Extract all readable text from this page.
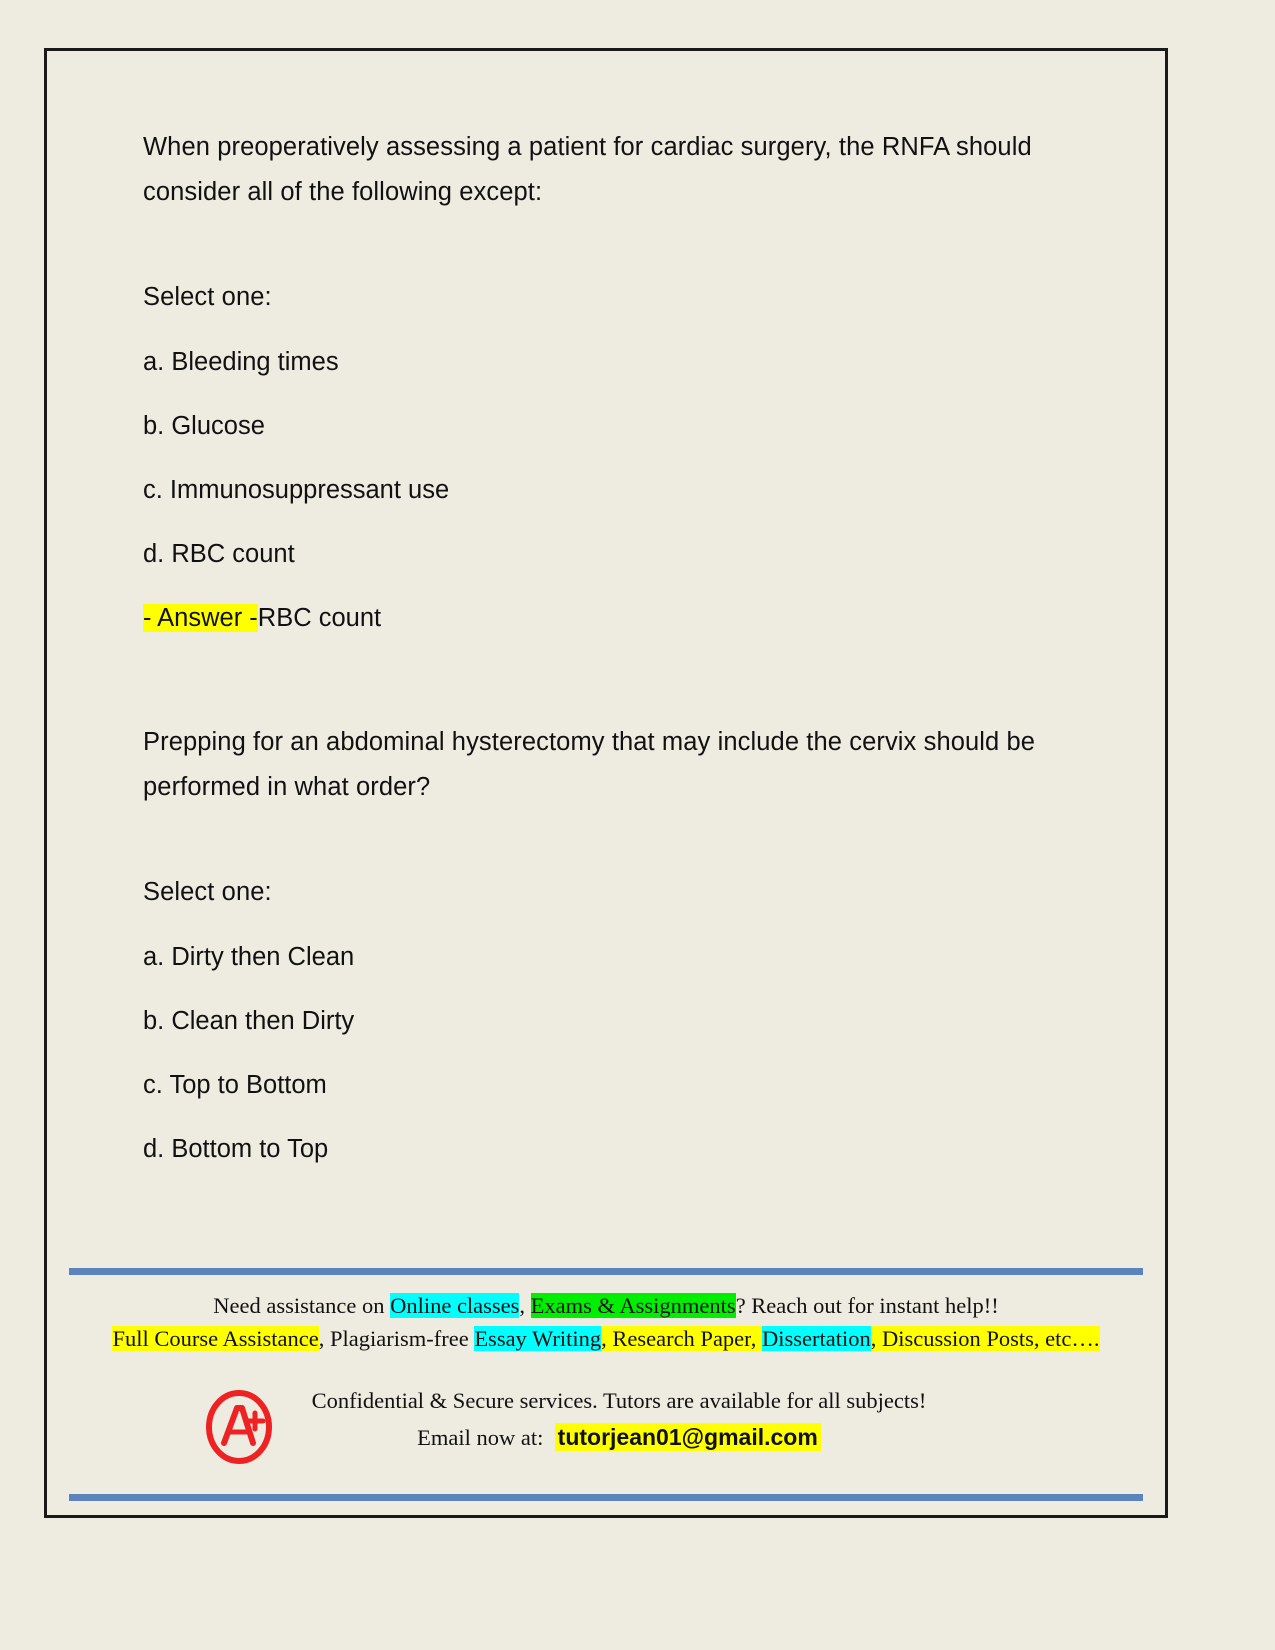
When preoperatively assessing a patient for cardiac surgery, the RNFA should consider all of the following except:

Select one:

a. Bleeding times
b. Glucose
c. Immunosuppressant use
d. RBC count
- Answer -RBC count

Prepping for an abdominal hysterectomy that may include the cervix should be performed in what order?

Select one:

a. Dirty then Clean
b. Clean then Dirty
c. Top to Bottom
d. Bottom to Top
Need assistance on Online classes, Exams & Assignments? Reach out for instant help!!
Full Course Assistance, Plagiarism-free Essay Writing, Research Paper, Dissertation, Discussion Posts, etc….
Confidential & Secure services. Tutors are available for all subjects!
Email now at: tutorjean01@gmail.com
